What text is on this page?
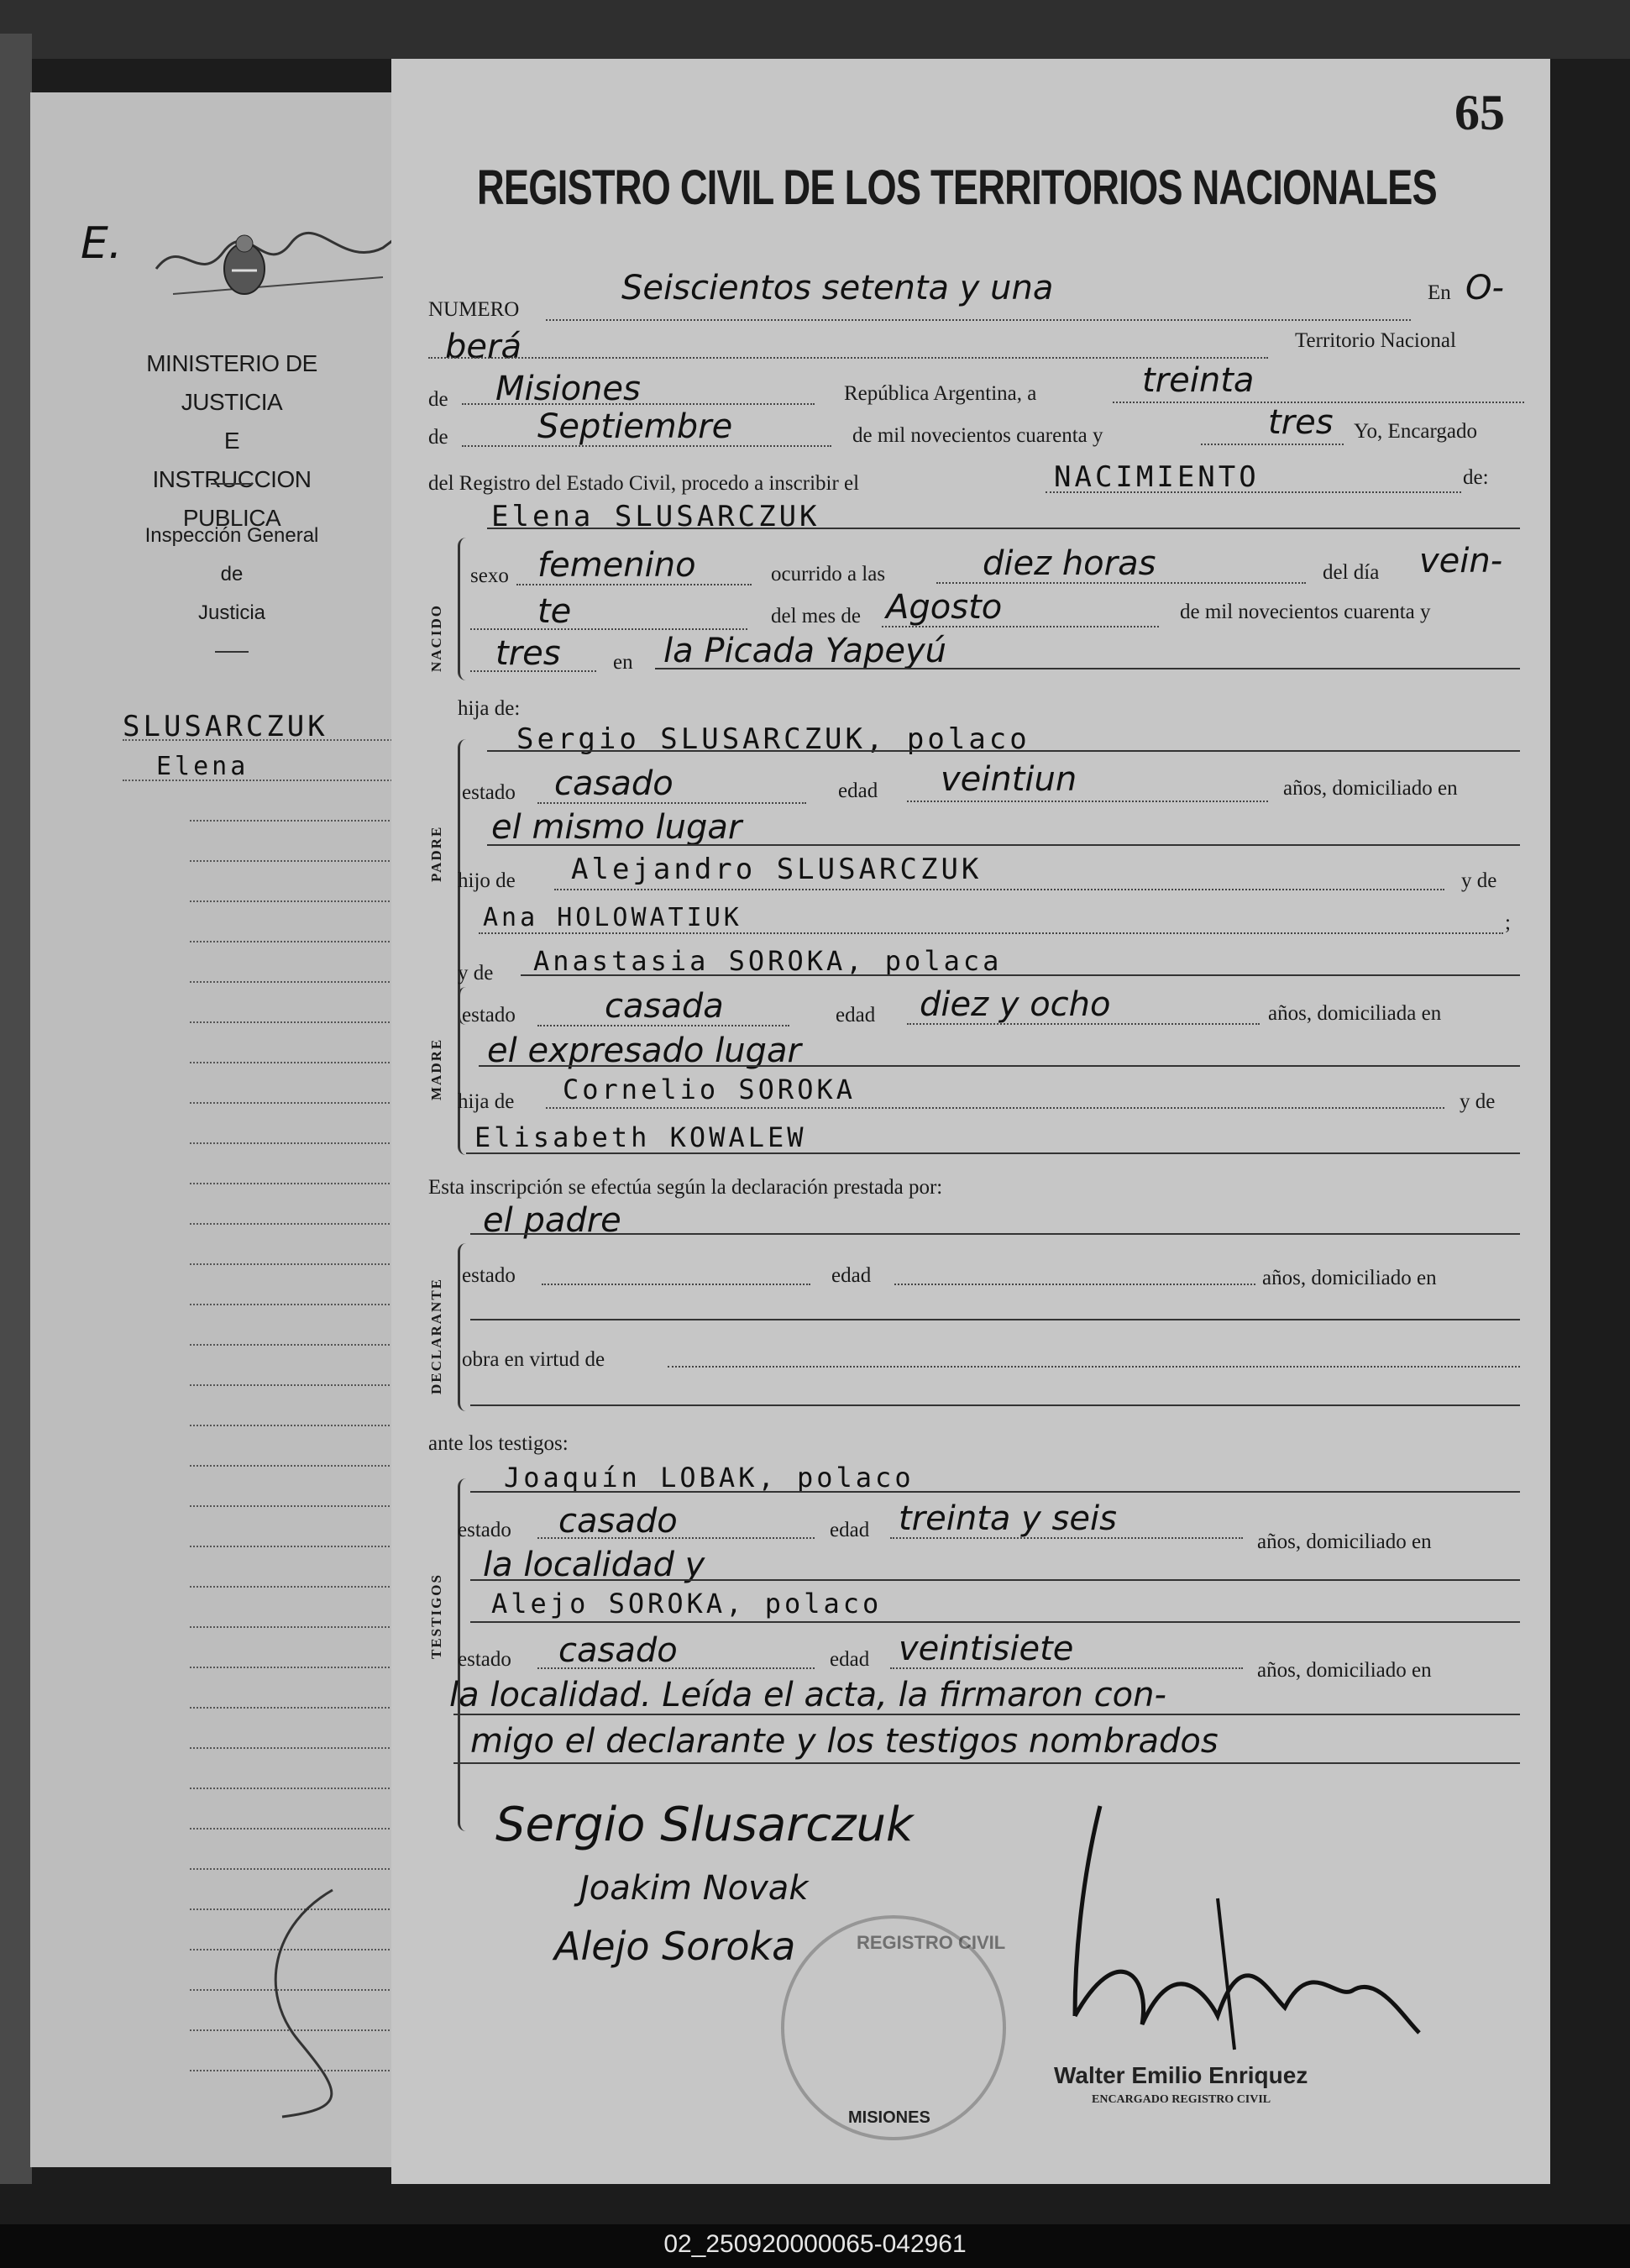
E.
MINISTERIO DE JUSTICIA
E
INSTRUCCION PUBLICA
Inspección General
de
Justicia
SLUSARCZUK
Elena
65
REGISTRO CIVIL DE LOS TERRITORIOS NACIONALES
NUMERO
Seiscientos setenta y una	En O-
berá	Territorio Nacional
de Misiones	República Argentina, a	treinta
de	Septiembre	de mil novecientos cuarenta y	tres Yo, Encargado
del Registro del Estado Civil, procedo a inscribir el	NACIMIENTO	de:
Elena SLUSARCZUK
NACIDO
sexo femenino	ocurrido a las	diez horas	del día vein-
te	del mes de Agosto	de mil novecientos cuarenta y
tres en la Picada Yapeyú
hija de:
PADRE
Sergio SLUSARCZUK, polaco
estado casado	edad veintiun	años, domiciliado en
el mismo lugar
hijo de Alejandro SLUSARCZUK	y de
Ana HOLOWATIUK	;
y de Anastasia SOROKA, polaca
MADRE
estado	casada	edad diez y ocho	años, domiciliada en
el expresado lugar
hija de Cornelio SOROKA	y de
Elisabeth KOWALEW
Esta inscripción se efectúa según la declaración prestada por:
el padre
DECLARANTE
estado	edad	años, domiciliado en
obra en virtud de
ante los testigos:
TESTIGOS
Joaquín LOBAK, polaco
estado casado	edad treinta y seis
años, domiciliado en
la localidad y
Alejo SOROKA, polaco
estado casado	edad veintisiete
años, domiciliado en
la localidad. Leída el acta, la firmaron con-
migo el declarante y los testigos nombrados
Sergio Slusarczuk
Joakim Novak
Alejo Soroka	REGISTRO CIVIL
MISIONES
Walter Emilio Enriquez
ENCARGADO REGISTRO CIVIL
02_250920000065-042961
